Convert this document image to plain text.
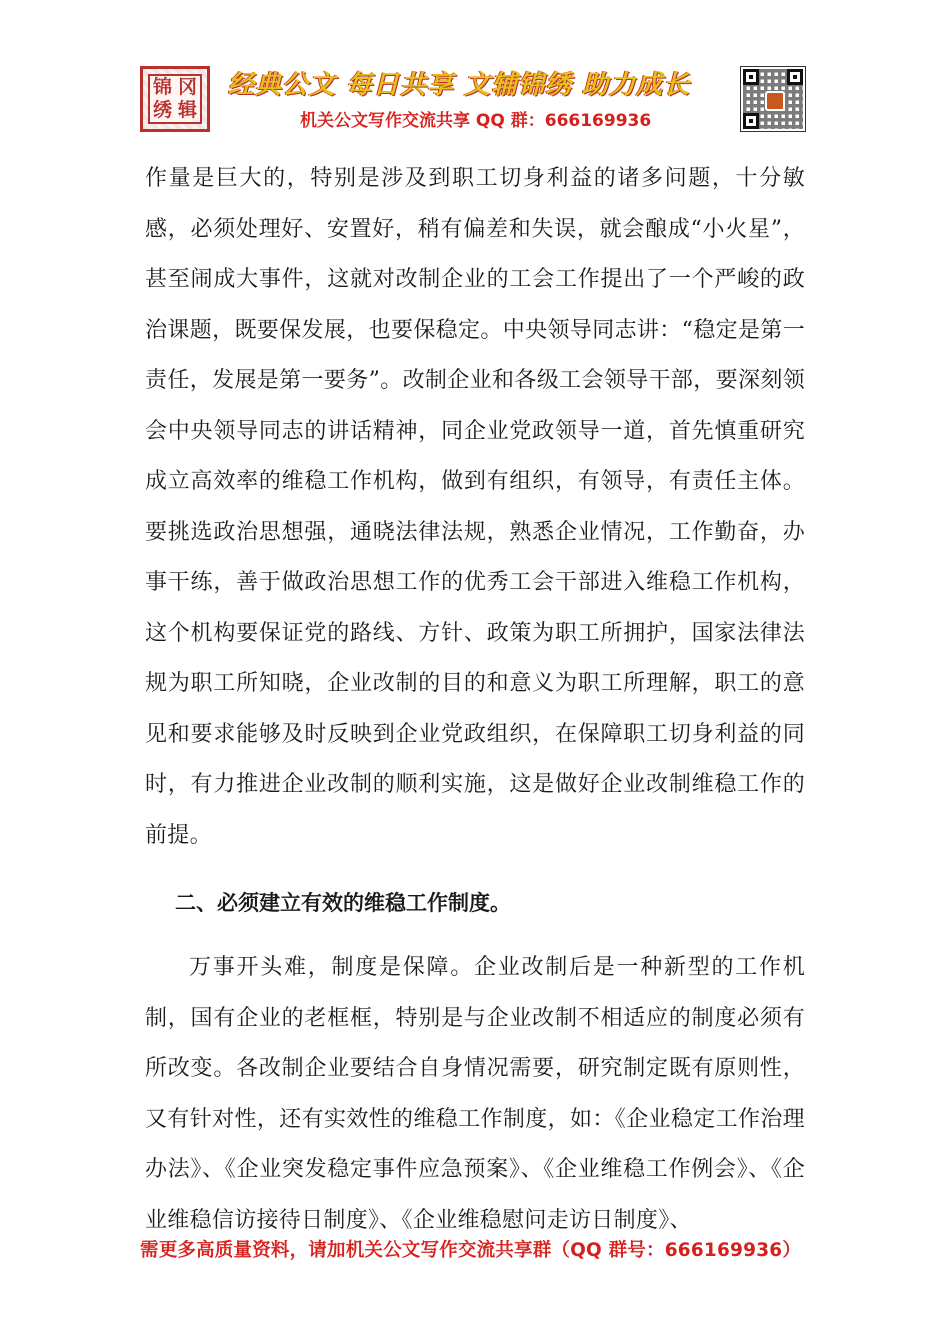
锦 冈
绣 辑
经典公文 每日共享 文辅锦绣 助力成长
机关公文写作交流共享 QQ 群：666169936

作量是巨大的，特别是涉及到职工切身利益的诸多问题，十分敏感，必须处理好、安置好，稍有偏差和失误，就会酿成“小火星”，甚至闹成大事件，这就对改制企业的工会工作提出了一个严峻的政治课题，既要保发展，也要保稳定。中央领导同志讲：“稳定是第一责任，发展是第一要务”。改制企业和各级工会领导干部，要深刻领会中央领导同志的讲话精神，同企业党政领导一道，首先慎重研究成立高效率的维稳工作机构，做到有组织，有领导，有责任主体。要挑选政治思想强，通晓法律法规，熟悉企业情况，工作勤奋，办事干练，善于做政治思想工作的优秀工会干部进入维稳工作机构，这个机构要保证党的路线、方针、政策为职工所拥护，国家法律法规为职工所知晓，企业改制的目的和意义为职工所理解，职工的意见和要求能够及时反映到企业党政组织，在保障职工切身利益的同时，有力推进企业改制的顺利实施，这是做好企业改制维稳工作的前提。

二、必须建立有效的维稳工作制度。

万事开头难，制度是保障。企业改制后是一种新型的工作机制，国有企业的老框框，特别是与企业改制不相适应的制度必须有所改变。各改制企业要结合自身情况需要，研究制定既有原则性，又有针对性，还有实效性的维稳工作制度，如：《企业稳定工作治理办法》、《企业突发稳定事件应急预案》、《企业维稳工作例会》、《企业维稳信访接待日制度》、《企业维稳慰问走访日制度》、

需更多高质量资料，请加机关公文写作交流共享群（QQ 群号：666169936）
